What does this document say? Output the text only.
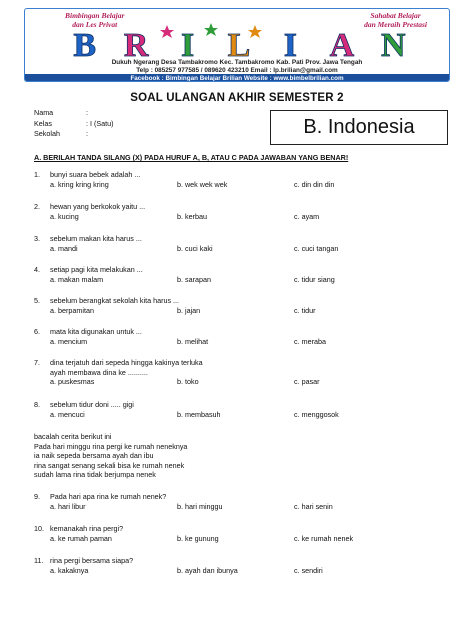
Bimbingan Belajar
dan Les Privat
Sahabat Belajar
dan Meraih Prestasi
B R I L I A N
Dukuh Ngerang Desa Tambakromo Kec. Tambakromo Kab. Pati Prov. Jawa Tengah
Telp : 085257 977585 / 089620 423210 Email : lp.brilian@gmail.com
Facebook : Bimbingan Belajar Brilian Website : www.bimbelbrilian.com
SOAL ULANGAN AKHIR SEMESTER 2
Nama	:
Kelas	: I (Satu)
Sekolah	:	B. Indonesia
A. BERILAH TANDA SILANG (X) PADA HURUF A, B, ATAU C PADA JAWABAN YANG BENAR!
1.	bunyi suara bebek adalah ...
a. kring kring kring	b. wek wek wek	c. din din din
2.	hewan yang berkokok yaitu ...
a. kucing	b. kerbau	c. ayam
3.	sebelum makan kita harus ...
a. mandi	b. cuci kaki	c. cuci tangan
4.	setiap pagi kita melakukan ...
a. makan malam	b. sarapan	c. tidur siang
5.	sebelum berangkat sekolah kita harus ...
a. berpamitan	b. jajan	c. tidur
6.	mata kita digunakan untuk ...
a. mencium	b. melihat	c. meraba
7.	dina terjatuh dari sepeda hingga kakinya terluka
ayah membawa dina ke ..........
a. puskesmas	b. toko	c. pasar
8.	sebelum tidur doni ..... gigi
a. mencuci	b. membasuh	c. menggosok
9.	Pada hari apa rina ke rumah nenek?
a. hari libur	b. hari minggu	c. hari senin
10. kemanakah rina pergi?
a. ke rumah paman	b. ke gunung	c. ke rumah nenek
11. rina pergi bersama siapa?
a. kakaknya	b. ayah dan ibunya	c. sendiri
bacalah cerita berikut ini
Pada hari minggu rina pergi ke rumah neneknya
ia naik sepeda bersama ayah dan ibu
rina sangat senang sekali bisa ke rumah nenek
sudah lama rina tidak berjumpa nenek
